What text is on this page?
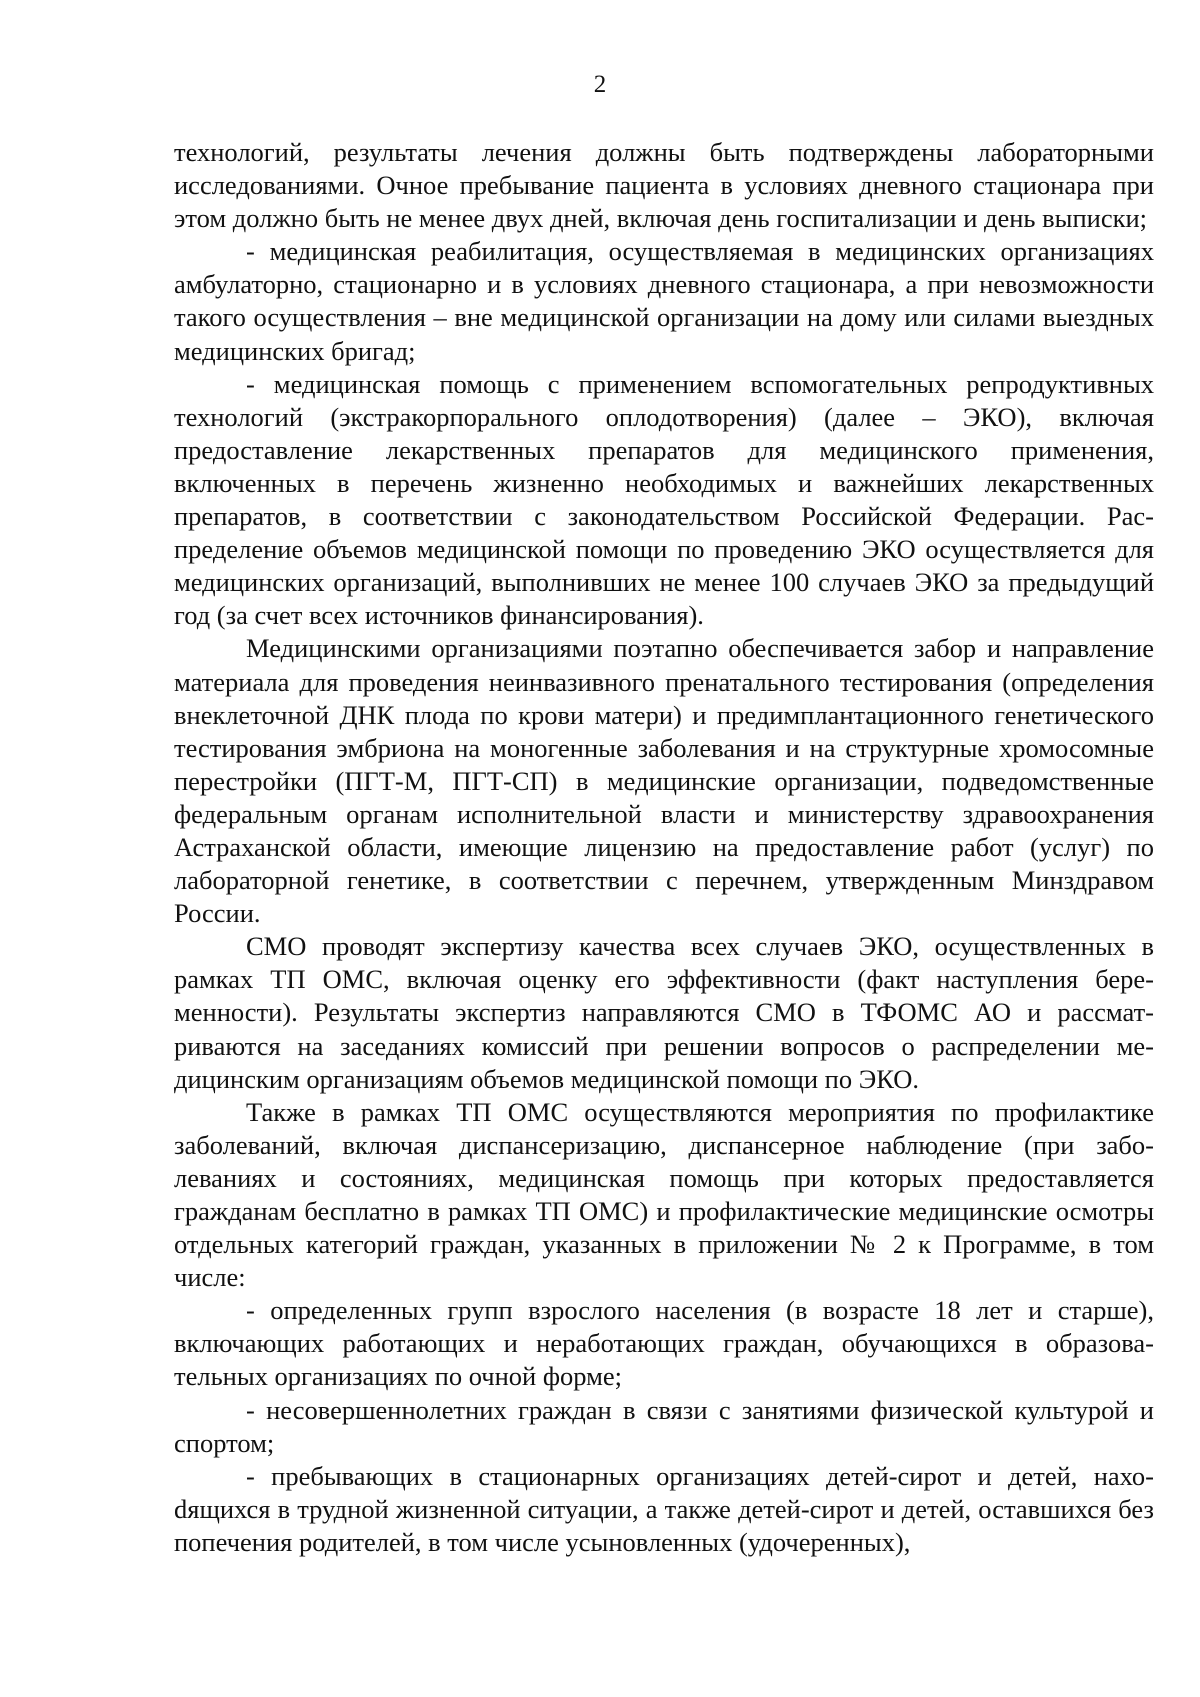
2

технологий, результаты лечения должны быть подтверждены лабораторными исследованиями. Очное пребывание пациента в условиях дневного стационара при этом должно быть не менее двух дней, включая день госпитализации и день выписки;

- медицинская реабилитация, осуществляемая в медицинских организациях амбулаторно, стационарно и в условиях дневного стационара, а при невозможности такого осуществления – вне медицинской организации на дому или силами выездных медицинских бригад;

- медицинская помощь с применением вспомогательных репродуктивных технологий (экстракорпорального оплодотворения) (далее – ЭКО), включая предоставление лекарственных препаратов для медицинского применения, включенных в перечень жизненно необходимых и важнейших лекарственных препаратов, в соответствии с законодательством Российской Федерации. Распределение объемов медицинской помощи по проведению ЭКО осуществляется для медицинских организаций, выполнивших не менее 100 случаев ЭКО за предыдущий год (за счет всех источников финансирования).

Медицинскими организациями поэтапно обеспечивается забор и направление материала для проведения неинвазивного пренатального тестирования (определения внеклеточной ДНК плода по крови матери) и предимплантационного генетического тестирования эмбриона на моногенные заболевания и на структурные хромосомные перестройки (ПГТ-М, ПГТ-СП) в медицинские организации, подведомственные федеральным органам исполнительной власти и министерству здравоохранения Астраханской области, имеющие лицензию на предоставление работ (услуг) по лабораторной генетике, в соответствии с перечнем, утвержденным Минздравом России.

СМО проводят экспертизу качества всех случаев ЭКО, осуществленных в рамках ТП ОМС, включая оценку его эффективности (факт наступления беременности). Результаты экспертиз направляются СМО в ТФОМС АО и рассматриваются на заседаниях комиссий при решении вопросов о распределении медицинским организациям объемов медицинской помощи по ЭКО.

Также в рамках ТП ОМС осуществляются мероприятия по профилактике заболеваний, включая диспансеризацию, диспансерное наблюдение (при заболеваниях и состояниях, медицинская помощь при которых предоставляется гражданам бесплатно в рамках ТП ОМС) и профилактические медицинские осмотры отдельных категорий граждан, указанных в приложении № 2 к Программе, в том числе:

- определенных групп взрослого населения (в возрасте 18 лет и старше), включающих работающих и неработающих граждан, обучающихся в образовательных организациях по очной форме;

- несовершеннолетних граждан в связи с занятиями физической культурой и спортом;

- пребывающих в стационарных организациях детей-сирот и детей, нахоdящихся в трудной жизненной ситуации, а также детей-сирот и детей, оставшихся без попечения родителей, в том числе усыновленных (удочеренных),
